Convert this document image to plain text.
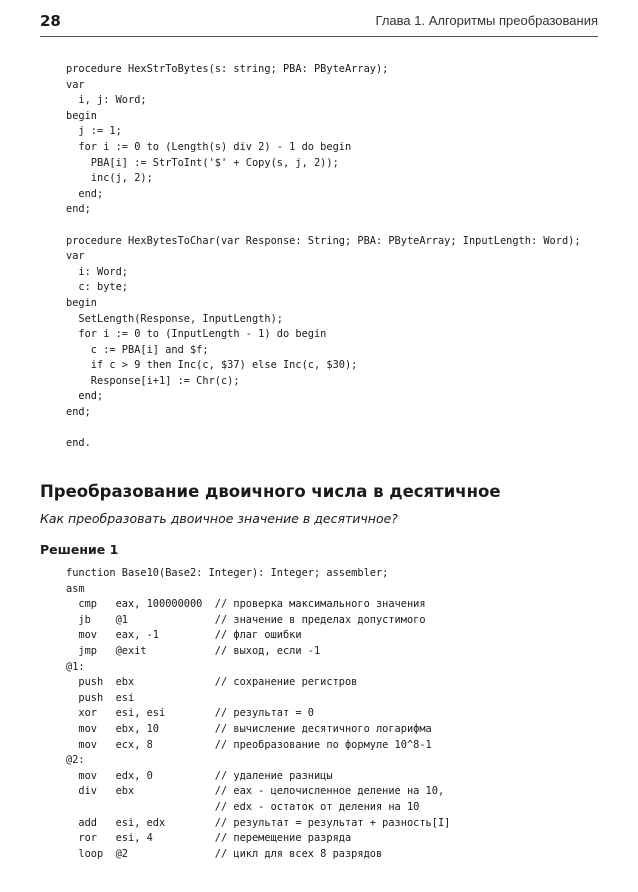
28	Глава 1. Алгоритмы преобразования
procedure HexStrToBytes(s: string; PBA: PByteArray);
var
i, j: Word;
begin
j := 1;
for i := 0 to (Length(s) div 2) - 1 do begin
PBA[i] := StrToInt('$' + Copy(s, j, 2));
inc(j, 2);
end;
end;

procedure HexBytesToChar(var Response: String; PBA: PByteArray; InputLength: Word);
var
i: Word;
c: byte;
begin
SetLength(Response, InputLength);
for i := 0 to (InputLength - 1) do begin
c := PBA[i] and $f;
if c > 9 then Inc(c, $37) else Inc(c, $30);
Response[i+1] := Chr(c);
end;
end;

end.
Преобразование двоичного числа в десятичное

Как преобразовать двоичное значение в десятичное?

Решение 1
function Base10(Base2: Integer): Integer; assembler;
asm
cmp   eax, 100000000  // проверка максимального значения
jb    @1              // значение в пределах допустимого
mov   eax, -1         // флаг ошибки
jmp   @exit           // выход, если -1
@1:
push  ebx             // сохранение регистров
push  esi
xor   esi, esi        // результат = 0
mov   ebx, 10         // вычисление десятичного логарифма
mov   ecx, 8          // преобразование по формуле 10^8-1
@2:
mov   edx, 0          // удаление разницы
div   ebx             // eax - целочисленное деление на 10,
// edx - остаток от деления на 10
add   esi, edx        // результат = результат + разность[I]
ror   esi, 4          // перемещение разряда
loop  @2              // цикл для всех 8 разрядов
